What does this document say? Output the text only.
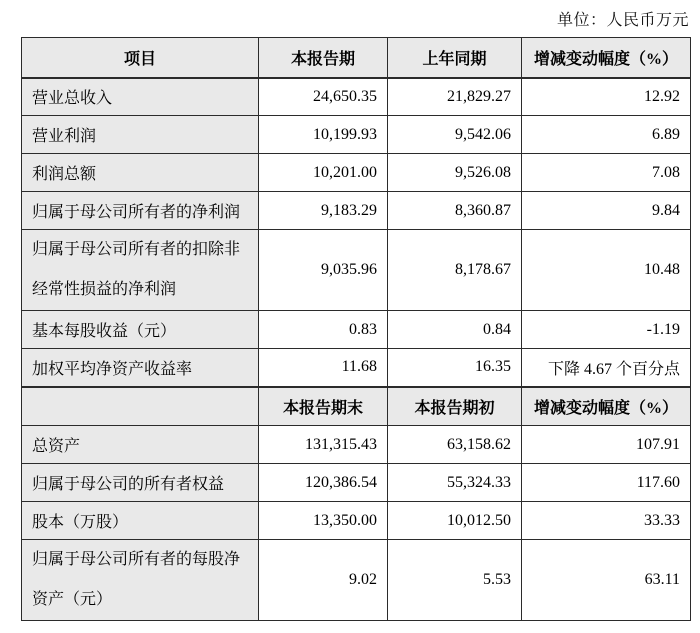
单位：人民币万元
项目	本报告期	上年同期	增减变动幅度（%）
营业总收入	24,650.35	21,829.27	12.92
营业利润	10,199.93	9,542.06	6.89
利润总额	10,201.00	9,526.08	7.08
归属于母公司所有者的净利润	9,183.29	8,360.87	9.84
归属于母公司所有者的扣除非经常性损益的净利润	9,035.96	8,178.67	10.48
基本每股收益（元）	0.83	0.84	-1.19
加权平均净资产收益率	11.68	16.35	下降 4.67 个百分点
	本报告期末	本报告期初	增减变动幅度（%）
总资产	131,315.43	63,158.62	107.91
归属于母公司的所有者权益	120,386.54	55,324.33	117.60
股本（万股）	13,350.00	10,012.50	33.33
归属于母公司所有者的每股净资产（元）	9.02	5.53	63.11
